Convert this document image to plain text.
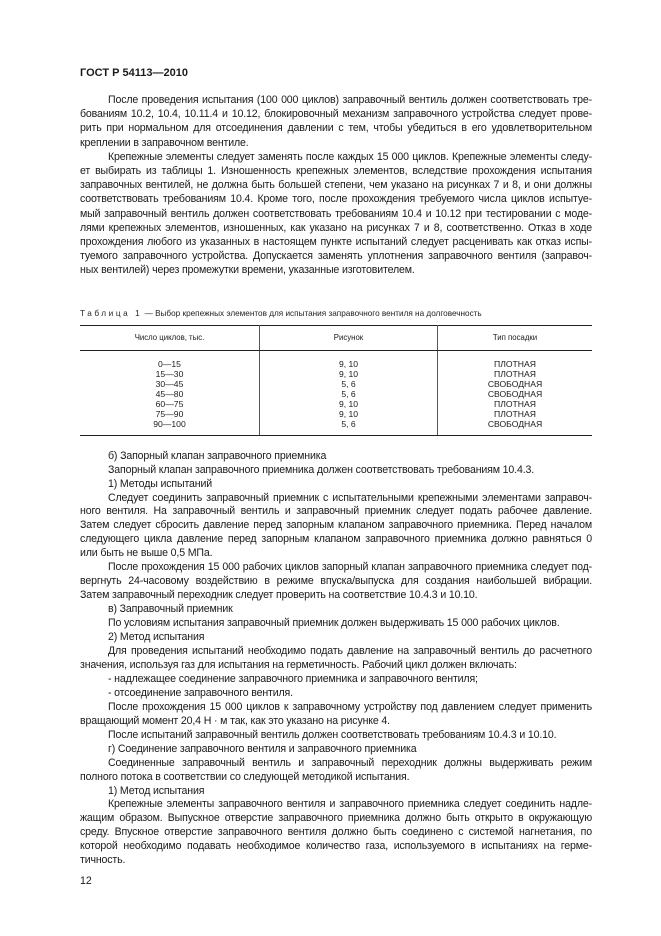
ГОСТ Р 54113—2010
После проведения испытания (100 000 циклов) заправочный вентиль должен соответствовать тре-
бованиям 10.2, 10.4, 10.11.4 и 10.12, блокировочный механизм заправочного устройства следует прове-
рить при нормальном для отсоединения давлении с тем, чтобы убедиться в его удовлетворительном
креплении в заправочном вентиле.
Крепежные элементы следует заменять после каждых 15 000 циклов. Крепежные элементы следу-
ет выбирать из таблицы 1. Изношенность крепежных элементов, вследствие прохождения испытания
заправочных вентилей, не должна быть большей степени, чем указано на рисунках 7 и 8, и они должны
соответствовать требованиям 10.4. Кроме того, после прохождения требуемого числа циклов испытуе-
мый заправочный вентиль должен соответствовать требованиям 10.4 и 10.12 при тестировании с моде-
лями крепежных элементов, изношенных, как указано на рисунках 7 и 8, соответственно. Отказ в ходе
прохождения любого из указанных в настоящем пункте испытаний следует расценивать как отказ испы-
туемого заправочного устройства. Допускается заменять уплотнения заправочного вентиля (заправоч-
ных вентилей) через промежутки времени, указанные изготовителем.
Таблица 1 — Выбор крепежных элементов для испытания заправочного вентиля на долговечность
Число циклов, тыс.	Рисунок	Тип посадки
0—15	9, 10	ПЛОТНАЯ
15—30	9, 10	ПЛОТНАЯ
30—45	5, 6	СВОБОДНАЯ
45—80	5, 6	СВОБОДНАЯ
60—75	9, 10	ПЛОТНАЯ
75—90	9, 10	ПЛОТНАЯ
90—100	5, 6	СВОБОДНАЯ
б) Запорный клапан заправочного приемника
Запорный клапан заправочного приемника должен соответствовать требованиям 10.4.3.
1) Методы испытаний
Следует соединить заправочный приемник с испытательными крепежными элементами заправоч-
ного вентиля. На заправочный вентиль и заправочный приемник следует подать рабочее давление.
Затем следует сбросить давление перед запорным клапаном заправочного приемника. Перед началом
следующего цикла давление перед запорным клапаном заправочного приемника должно равняться 0
или быть не выше 0,5 МПа.
После прохождения 15 000 рабочих циклов запорный клапан заправочного приемника следует под-
вергнуть 24-часовому воздействию в режиме впуска/выпуска для создания наибольшей вибрации.
Затем заправочный переходник следует проверить на соответствие 10.4.3 и 10.10.
в) Заправочный приемник
По условиям испытания заправочный приемник должен выдерживать 15 000 рабочих циклов.
2) Метод испытания
Для проведения испытаний необходимо подать давление на заправочный вентиль до расчетного
значения, используя газ для испытания на герметичность. Рабочий цикл должен включать:
- надлежащее соединение заправочного приемника и заправочного вентиля;
- отсоединение заправочного вентиля.
После прохождения 15 000 циклов к заправочному устройству под давлением следует применить
вращающий момент 20,4 Н · м так, как это указано на рисунке 4.
После испытаний заправочный вентиль должен соответствовать требованиям 10.4.3 и 10.10.
г) Соединение заправочного вентиля и заправочного приемника
Соединенные заправочный вентиль и заправочный переходник должны выдерживать режим
полного потока в соответствии со следующей методикой испытания.
1) Метод испытания
Крепежные элементы заправочного вентиля и заправочного приемника следует соединить надле-
жащим образом. Выпускное отверстие заправочного приемника должно быть открыто в окружающую
среду. Впускное отверстие заправочного вентиля должно быть соединено с системой нагнетания, по
которой необходимо подавать необходимое количество газа, используемого в испытаниях на герме-
тичность.
12
